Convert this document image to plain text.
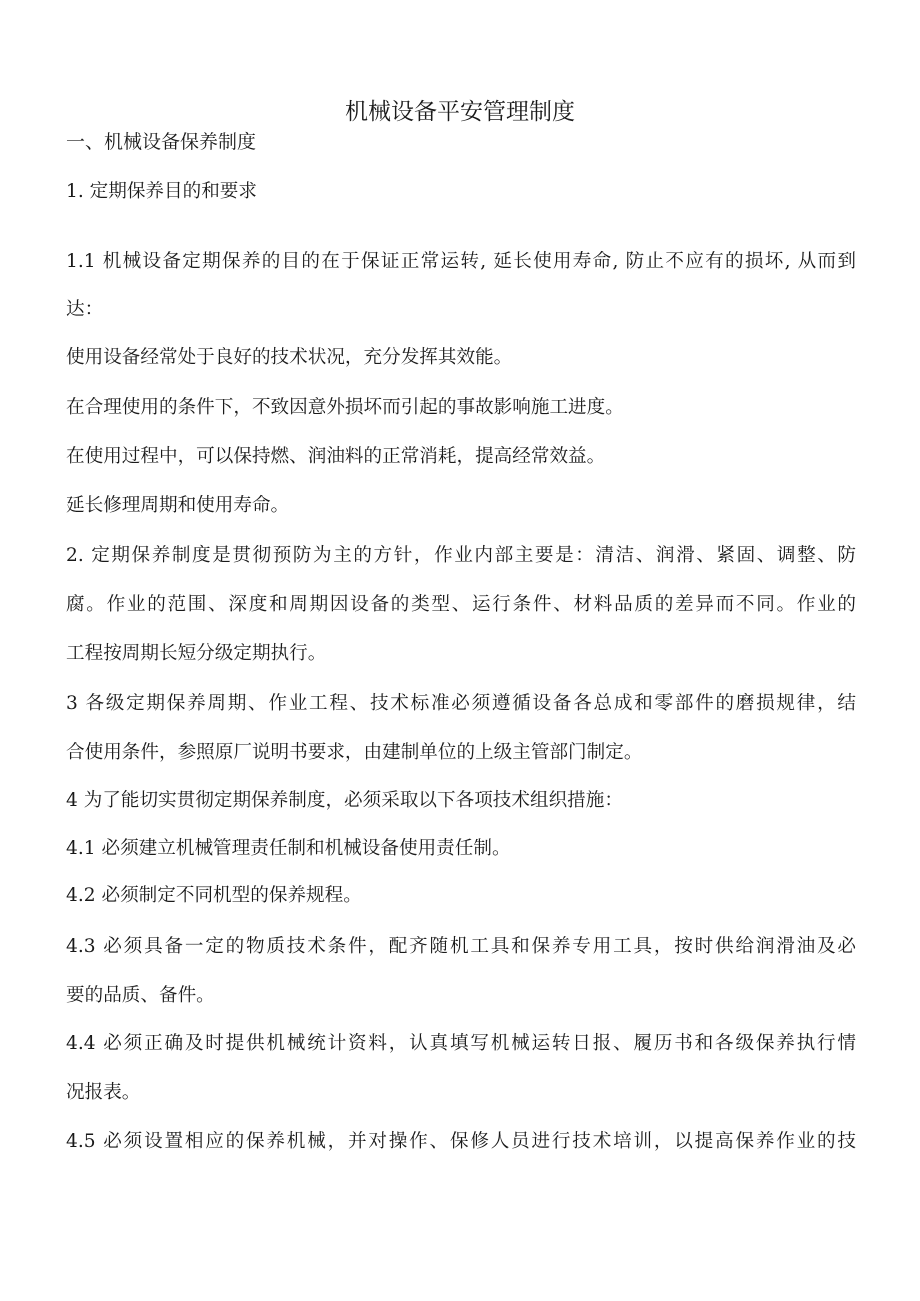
机械设备平安管理制度
一、机械设备保养制度
1. 定期保养目的和要求
1.1 机械设备定期保养的目的在于保证正常运转, 延长使用寿命, 防止不应有的损坏, 从而到
达：
使用设备经常处于良好的技术状况，充分发挥其效能。
在合理使用的条件下，不致因意外损坏而引起的事故影响施工进度。
在使用过程中，可以保持燃、润油料的正常消耗，提高经常效益。
延长修理周期和使用寿命。
2. 定期保养制度是贯彻预防为主的方针，作业内部主要是：清洁、润滑、紧固、调整、防
腐。作业的范围、深度和周期因设备的类型、运行条件、材料品质的差异而不同。作业的
工程按周期长短分级定期执行。
3 各级定期保养周期、作业工程、技术标准必须遵循设备各总成和零部件的磨损规律，结
合使用条件，参照原厂说明书要求，由建制单位的上级主管部门制定。
4 为了能切实贯彻定期保养制度，必须采取以下各项技术组织措施：
4.1 必须建立机械管理责任制和机械设备使用责任制。
4.2 必须制定不同机型的保养规程。
4.3 必须具备一定的物质技术条件，配齐随机工具和保养专用工具，按时供给润滑油及必
要的品质、备件。
4.4 必须正确及时提供机械统计资料，认真填写机械运转日报、履历书和各级保养执行情
况报表。
4.5 必须设置相应的保养机械，并对操作、保修人员进行技术培训，以提高保养作业的技
